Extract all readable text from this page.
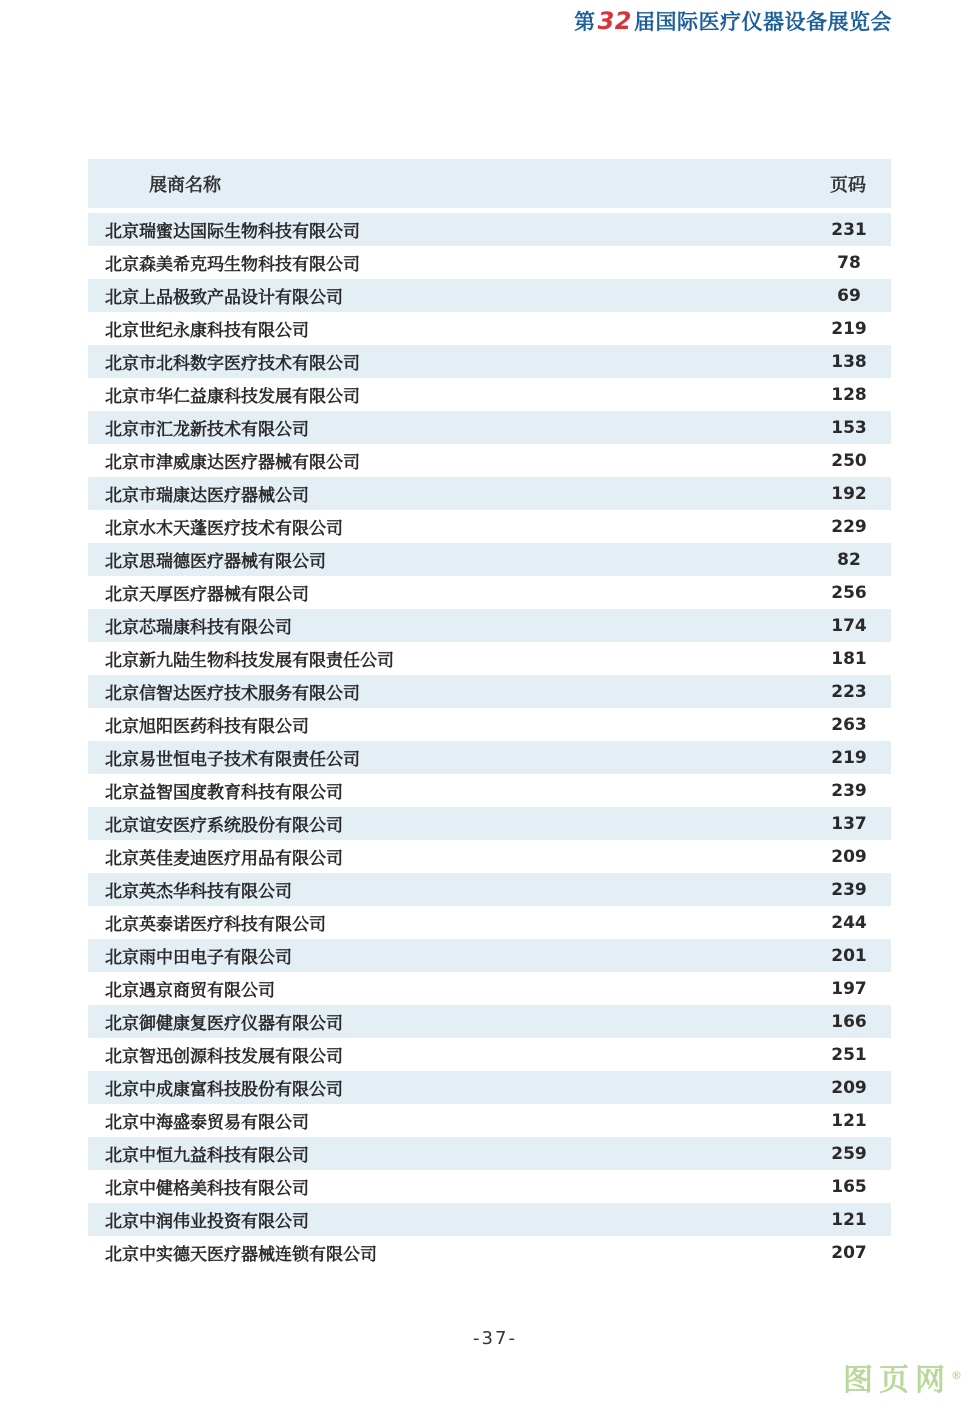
第 32 届国际医疗仪器设备展览会
展商名称	页码
北京瑞蜜达国际生物科技有限公司	231
北京森美希克玛生物科技有限公司	78
北京上品极致产品设计有限公司	69
北京世纪永康科技有限公司	219
北京市北科数字医疗技术有限公司	138
北京市华仁益康科技发展有限公司	128
北京市汇龙新技术有限公司	153
北京市津威康达医疗器械有限公司	250
北京市瑞康达医疗器械公司	192
北京水木天蓬医疗技术有限公司	229
北京思瑞德医疗器械有限公司	82
北京天厚医疗器械有限公司	256
北京芯瑞康科技有限公司	174
北京新九陆生物科技发展有限责任公司	181
北京信智达医疗技术服务有限公司	223
北京旭阳医药科技有限公司	263
北京易世恒电子技术有限责任公司	219
北京益智国度教育科技有限公司	239
北京谊安医疗系统股份有限公司	137
北京英佳麦迪医疗用品有限公司	209
北京英杰华科技有限公司	239
北京英泰诺医疗科技有限公司	244
北京雨中田电子有限公司	201
北京遇京商贸有限公司	197
北京御健康复医疗仪器有限公司	166
北京智迅创源科技发展有限公司	251
北京中成康富科技股份有限公司	209
北京中海盛泰贸易有限公司	121
北京中恒九益科技有限公司	259
北京中健格美科技有限公司	165
北京中润伟业投资有限公司	121
北京中实德天医疗器械连锁有限公司	207
-37-
图页网®
